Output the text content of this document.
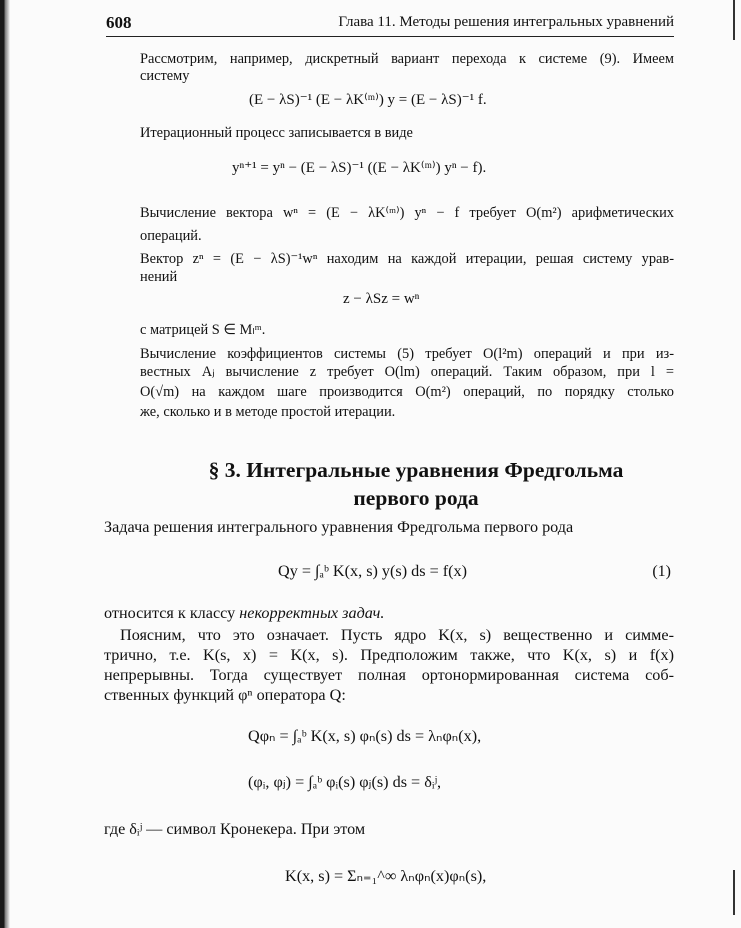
608	Глава 11. Методы решения интегральных уравнений
Рассмотрим, например, дискретный вариант перехода к системе (9). Имеем
систему
(E − λS)⁻¹ (E − λK⁽ᵐ⁾) y = (E − λS)⁻¹ f.
Итерационный процесс записывается в виде
yⁿ⁺¹ = yⁿ − (E − λS)⁻¹ ((E − λK⁽ᵐ⁾) yⁿ − f).
Вычисление вектора wⁿ = (E − λK⁽ᵐ⁾) yⁿ − f требует O(m²) арифметических
операций.
Вектор zⁿ = (E − λS)⁻¹wⁿ находим на каждой итерации, решая систему урав-
нений
z − λSz = wⁿ
с матрицей S ∈ Mₗᵐ.
Вычисление коэффициентов системы (5) требует O(l²m) операций и при из-
вестных Aⱼ вычисление z требует O(lm) операций. Таким образом, при l =
O(√m) на каждом шаге производится O(m²) операций, по порядку столько
же, сколько и в методе простой итерации.
§ 3. Интегральные уравнения Фредгольма
первого рода
Задача решения интегрального уравнения Фредгольма первого рода
Qy = ∫ₐᵇ K(x, s) y(s) ds = f(x)	(1)
относится к классу некорректных задач.
Поясним, что это означает. Пусть ядро K(x, s) вещественно и симме-
трично, т.е. K(s, x) = K(x, s). Предположим также, что K(x, s) и f(x)
непрерывны. Тогда существует полная ортонормированная система соб-
ственных функций φⁿ оператора Q:
Qφₙ = ∫ₐᵇ K(x, s) φₙ(s) ds = λₙφₙ(x),
(φᵢ, φⱼ) = ∫ₐᵇ φᵢ(s) φⱼ(s) ds = δᵢʲ,
где δᵢʲ — символ Кронекера. При этом
K(x, s) = Σₙ₌₁^∞ λₙφₙ(x)φₙ(s),
